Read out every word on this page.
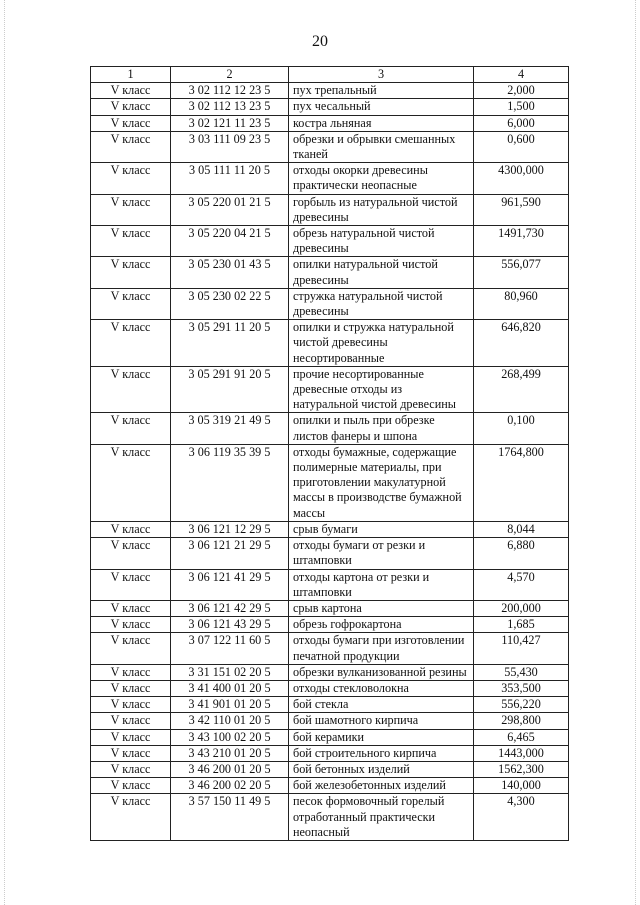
20
1	2	3	4
V класс	3 02 112 12 23 5	пух трепальный	2,000
V класс	3 02 112 13 23 5	пух чесальный	1,500
V класс	3 02 121 11 23 5	костра льняная	6,000
V класс	3 03 111 09 23 5	обрезки и обрывки смешанных тканей	0,600
V класс	3 05 111 11 20 5	отходы окорки древесины практически неопасные	4300,000
V класс	3 05 220 01 21 5	горбыль из натуральной чистой древесины	961,590
V класс	3 05 220 04 21 5	обрезь натуральной чистой древесины	1491,730
V класс	3 05 230 01 43 5	опилки натуральной чистой древесины	556,077
V класс	3 05 230 02 22 5	стружка натуральной чистой древесины	80,960
V класс	3 05 291 11 20 5	опилки и стружка натуральной чистой древесины несортированные	646,820
V класс	3 05 291 91 20 5	прочие несортированные древесные отходы из натуральной чистой древесины	268,499
V класс	3 05 319 21 49 5	опилки и пыль при обрезке листов фанеры и шпона	0,100
V класс	3 06 119 35 39 5	отходы бумажные, содержащие полимерные материалы, при приготовлении макулатурной массы в производстве бумажной массы	1764,800
V класс	3 06 121 12 29 5	срыв бумаги	8,044
V класс	3 06 121 21 29 5	отходы бумаги от резки и штамповки	6,880
V класс	3 06 121 41 29 5	отходы картона от резки и штамповки	4,570
V класс	3 06 121 42 29 5	срыв картона	200,000
V класс	3 06 121 43 29 5	обрезь гофрокартона	1,685
V класс	3 07 122 11 60 5	отходы бумаги при изготовлении печатной продукции	110,427
V класс	3 31 151 02 20 5	обрезки вулканизованной резины	55,430
V класс	3 41 400 01 20 5	отходы стекловолокна	353,500
V класс	3 41 901 01 20 5	бой стекла	556,220
V класс	3 42 110 01 20 5	бой шамотного кирпича	298,800
V класс	3 43 100 02 20 5	бой керамики	6,465
V класс	3 43 210 01 20 5	бой строительного кирпича	1443,000
V класс	3 46 200 01 20 5	бой бетонных изделий	1562,300
V класс	3 46 200 02 20 5	бой железобетонных изделий	140,000
V класс	3 57 150 11 49 5	песок формовочный горелый отработанный практически неопасный	4,300
